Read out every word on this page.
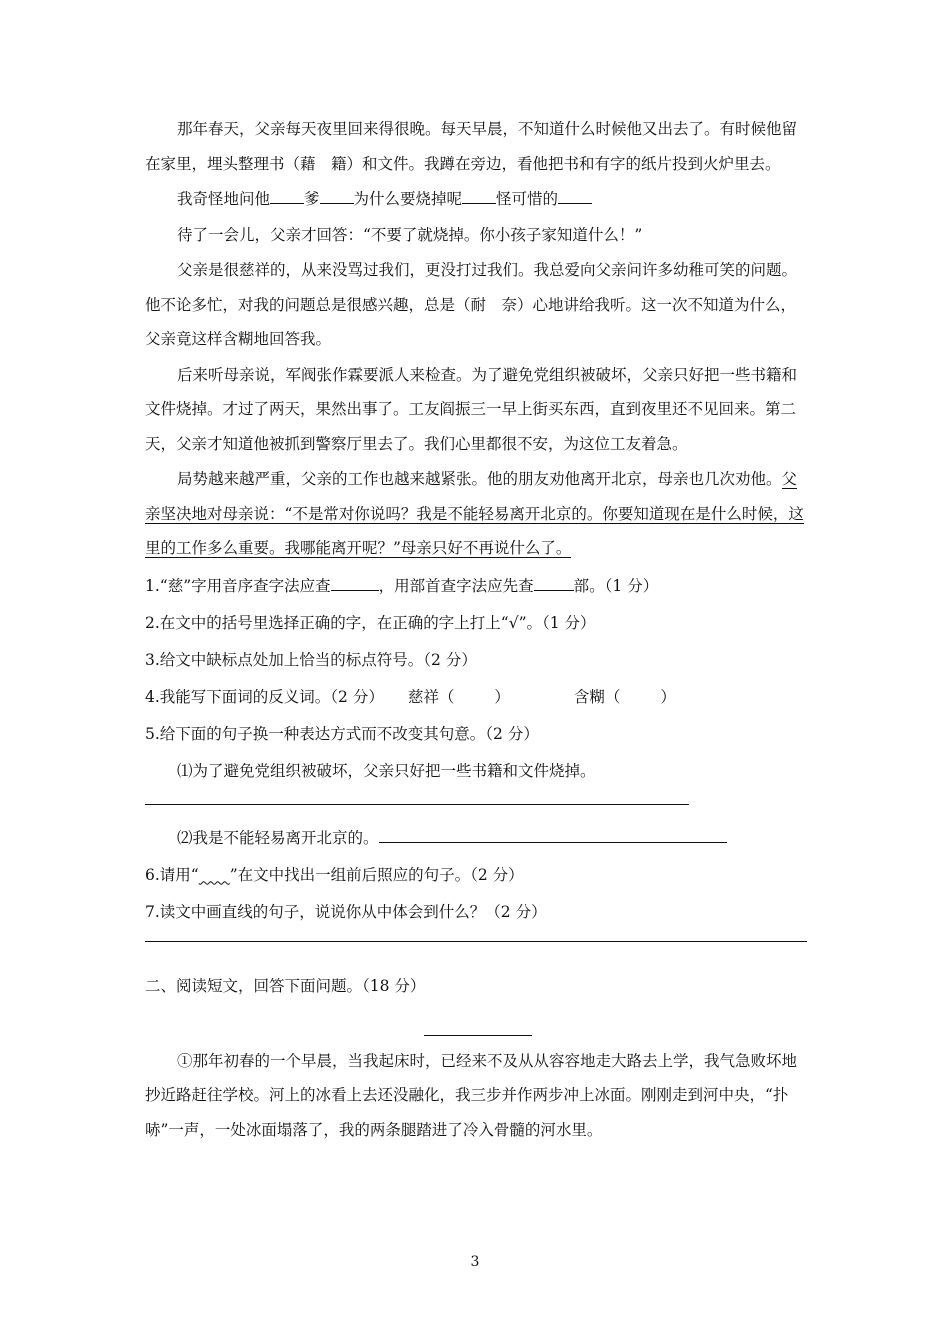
那年春天，父亲每天夜里回来得很晚。每天早晨，不知道什么时候他又出去了。有时候他留在家里，埋头整理书（藉　籍）和文件。我蹲在旁边，看他把书和有字的纸片投到火炉里去。

我奇怪地问他 爹 为什么要烧掉呢 怪可惜的

待了一会儿，父亲才回答：“不要了就烧掉。你小孩子家知道什么！”

父亲是很慈祥的，从来没骂过我们，更没打过我们。我总爱向父亲问许多幼稚可笑的问题。他不论多忙，对我的问题总是很感兴趣，总是（耐　奈）心地讲给我听。这一次不知道为什么，父亲竟这样含糊地回答我。

后来听母亲说，军阀张作霖要派人来检查。为了避免党组织被破坏，父亲只好把一些书籍和文件烧掉。才过了两天，果然出事了。工友阎振三一早上街买东西，直到夜里还不见回来。第二天，父亲才知道他被抓到警察厅里去了。我们心里都很不安，为这位工友着急。

局势越来越严重，父亲的工作也越来越紧张。他的朋友劝他离开北京，母亲也几次劝他。父亲坚决地对母亲说：“不是常对你说吗？我是不能轻易离开北京的。你要知道现在是什么时候，这里的工作多么重要。我哪能离开呢？”母亲只好不再说什么了。

1.“慈”字用音序查字法应查	，用部首查字法应先查	部。（1 分）

2.在文中的括号里选择正确的字，在正确的字上打上“√”。（1 分）

3.给文中缺标点处加上恰当的标点符号。（2 分）

4.我能写下面词的反义词。（2 分） 慈祥（	）	含糊（	）

5.给下面的句子换一种表达方式而不改变其句意。（2 分）

⑴为了避免党组织被破坏，父亲只好把一些书籍和文件烧掉。

⑵我是不能轻易离开北京的。

6.请用“     ”在文中找出一组前后照应的句子。（2 分）

7.读文中画直线的句子，说说你从中体会到什么？（2 分）

二、阅读短文，回答下面问题。（18 分）

①那年初春的一个早晨，当我起床时，已经来不及从从容容地走大路去上学，我气急败坏地抄近路赶往学校。河上的冰看上去还没融化，我三步并作两步冲上冰面。刚刚走到河中央，“扑哧”一声，一处冰面塌落了，我的两条腿踏进了冷入骨髓的河水里。

3
